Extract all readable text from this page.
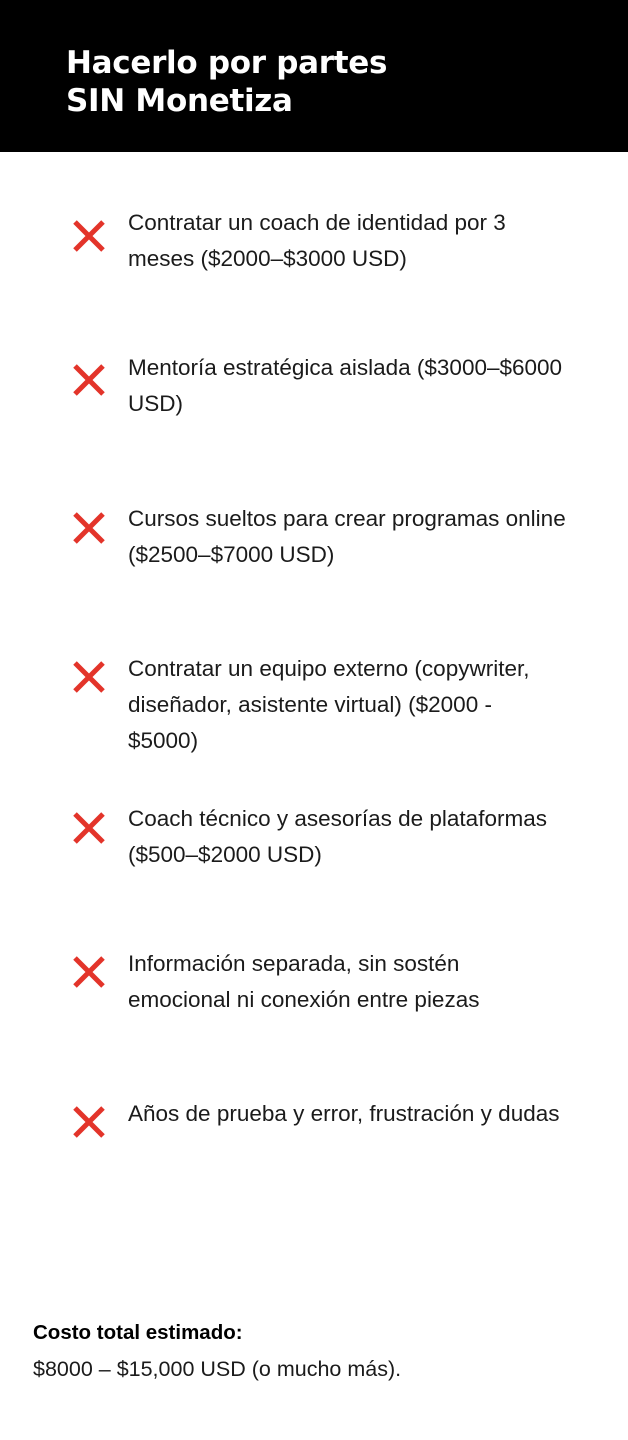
Hacerlo por partes
SIN Monetiza
Contratar un coach de identidad por 3 meses ($2000–$3000 USD)
Mentoría estratégica aislada ($3000–$6000 USD)
Cursos sueltos para crear programas online ($2500–$7000 USD)
Contratar un equipo externo (copywriter, diseñador, asistente virtual) ($2000 - $5000)
Coach técnico y asesorías de plataformas ($500–$2000 USD)
Información separada, sin sostén emocional ni conexión entre piezas
Años de prueba y error, frustración y dudas
Costo total estimado:
$8000 – $15,000 USD (o mucho más).
